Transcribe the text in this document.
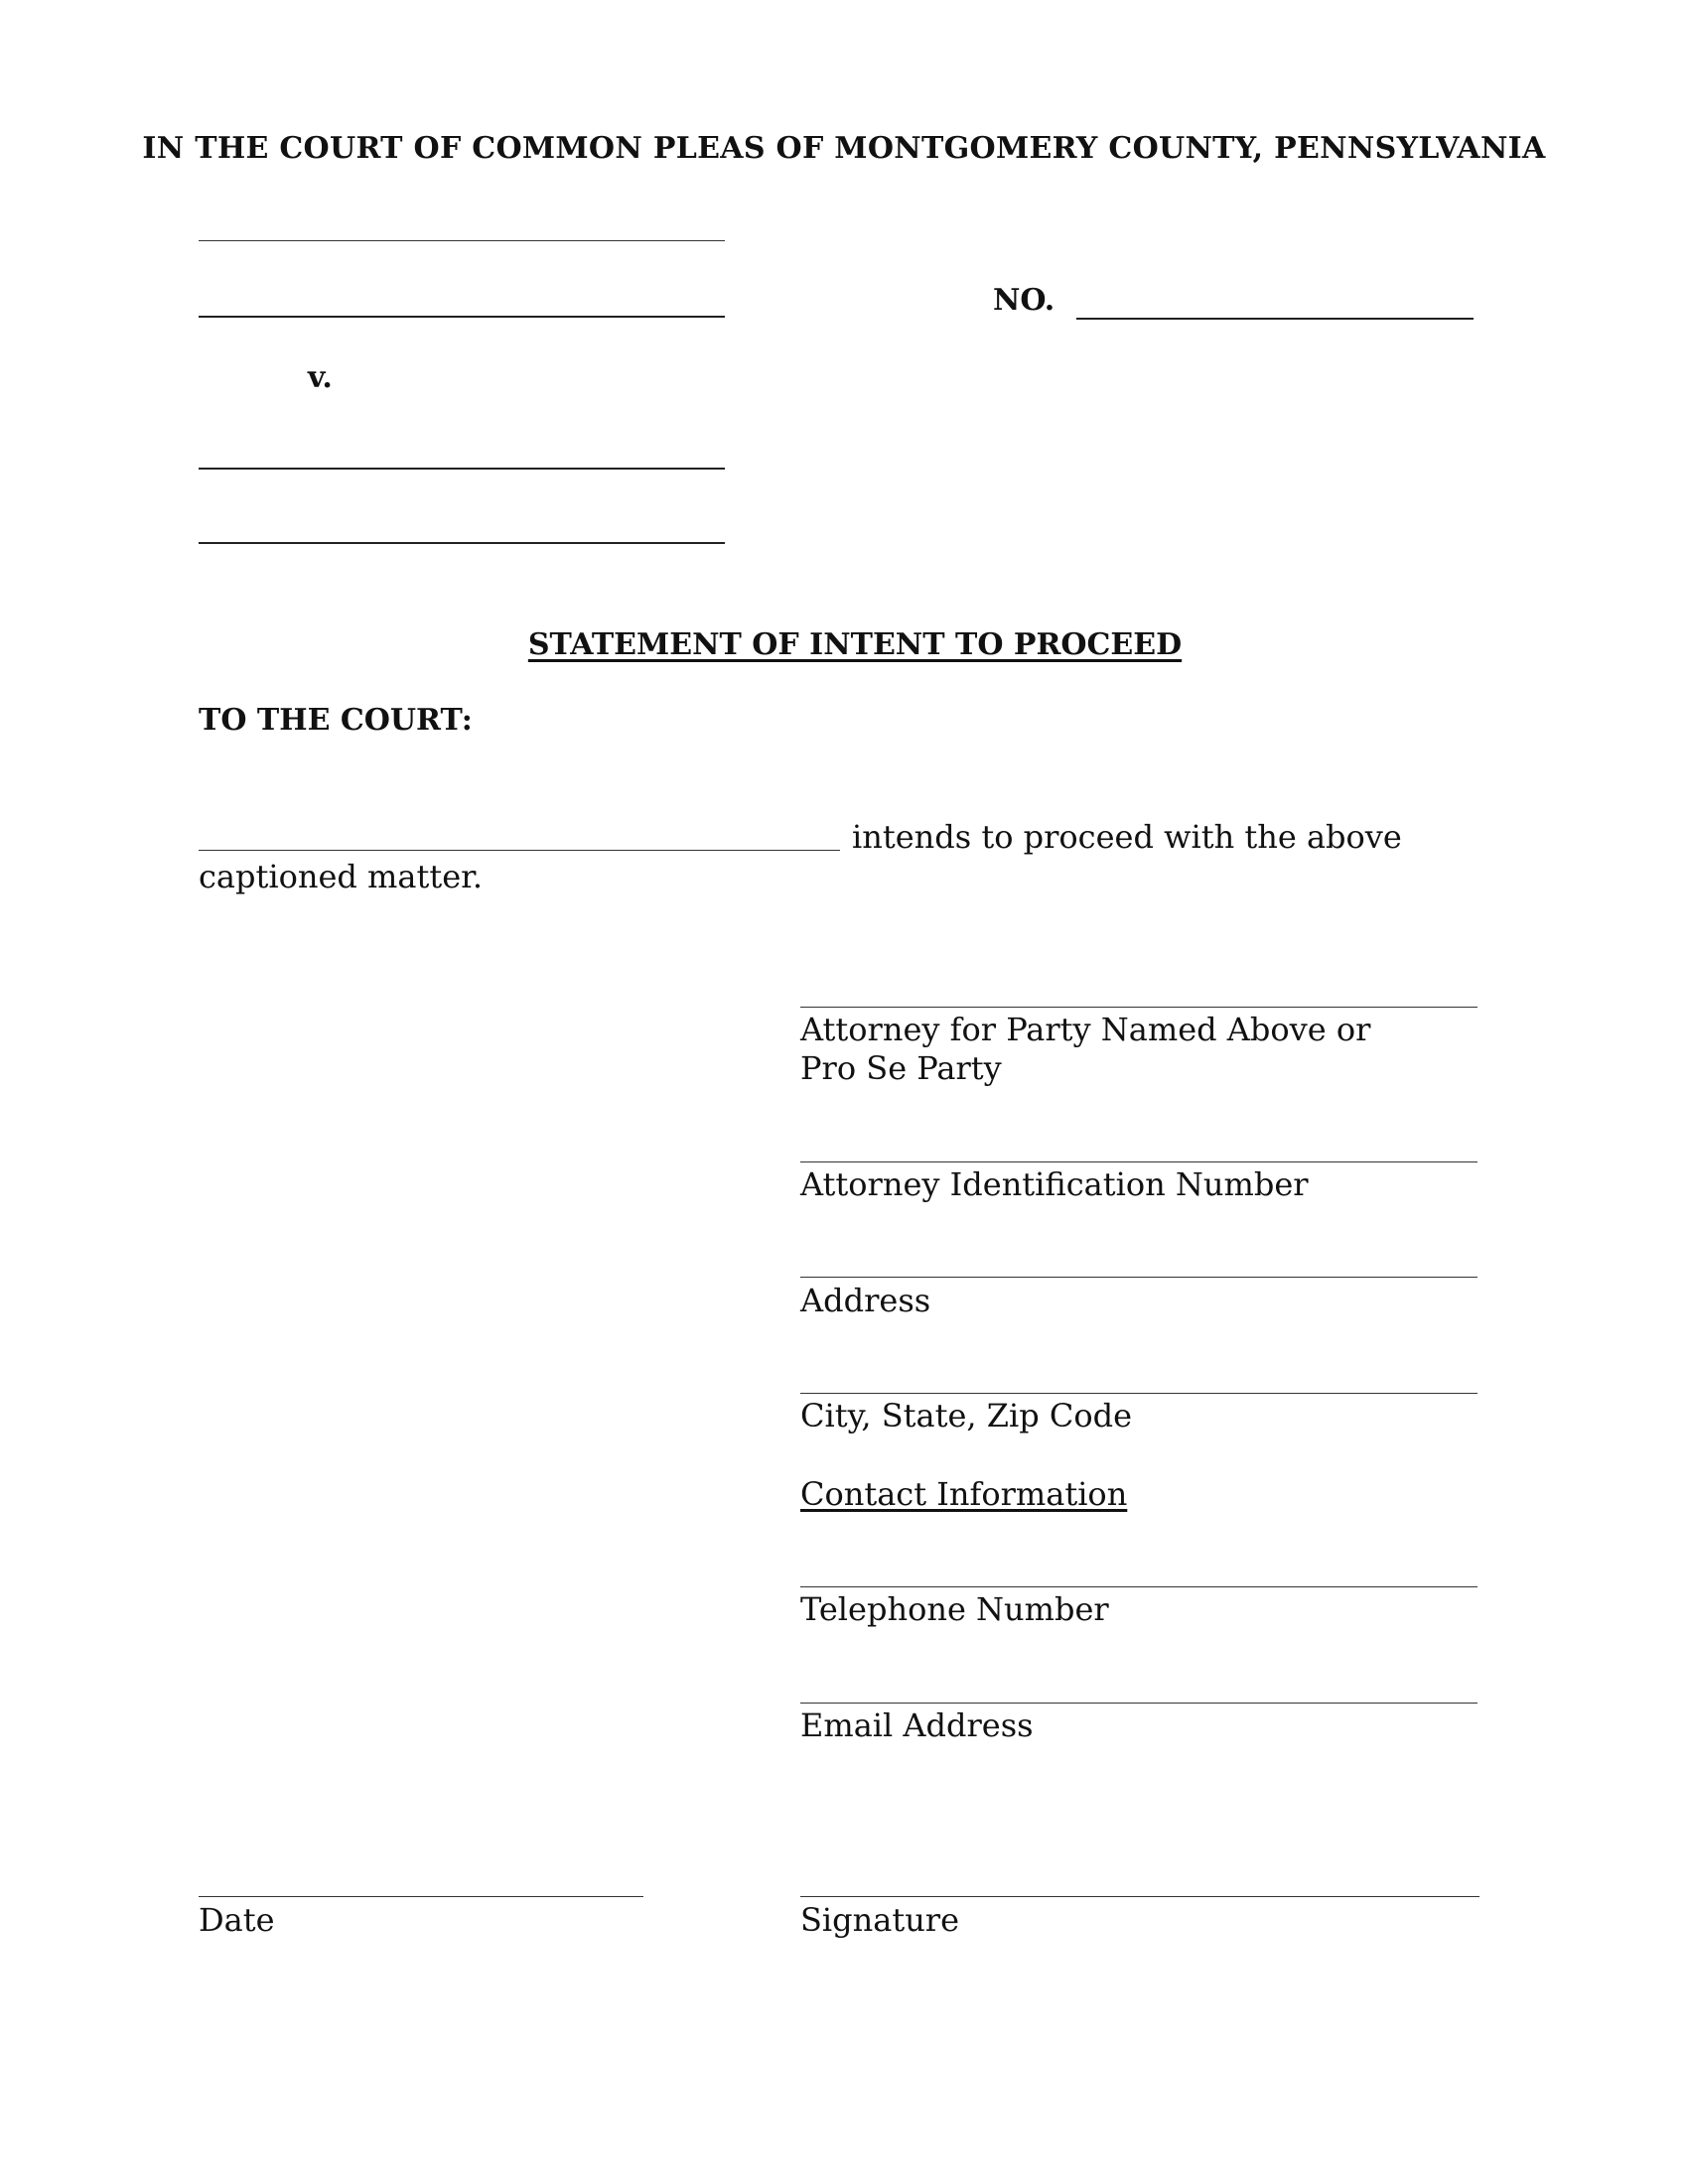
IN THE COURT OF COMMON PLEAS OF MONTGOMERY COUNTY, PENNSYLVANIA
NO.
v.
STATEMENT OF INTENT TO PROCEED
TO THE COURT:
intends to proceed with the above
captioned matter.
Attorney for Party Named Above or
Pro Se Party
Attorney Identification Number
Address
City, State, Zip Code
Contact Information
Telephone Number
Email Address
Date	Signature
